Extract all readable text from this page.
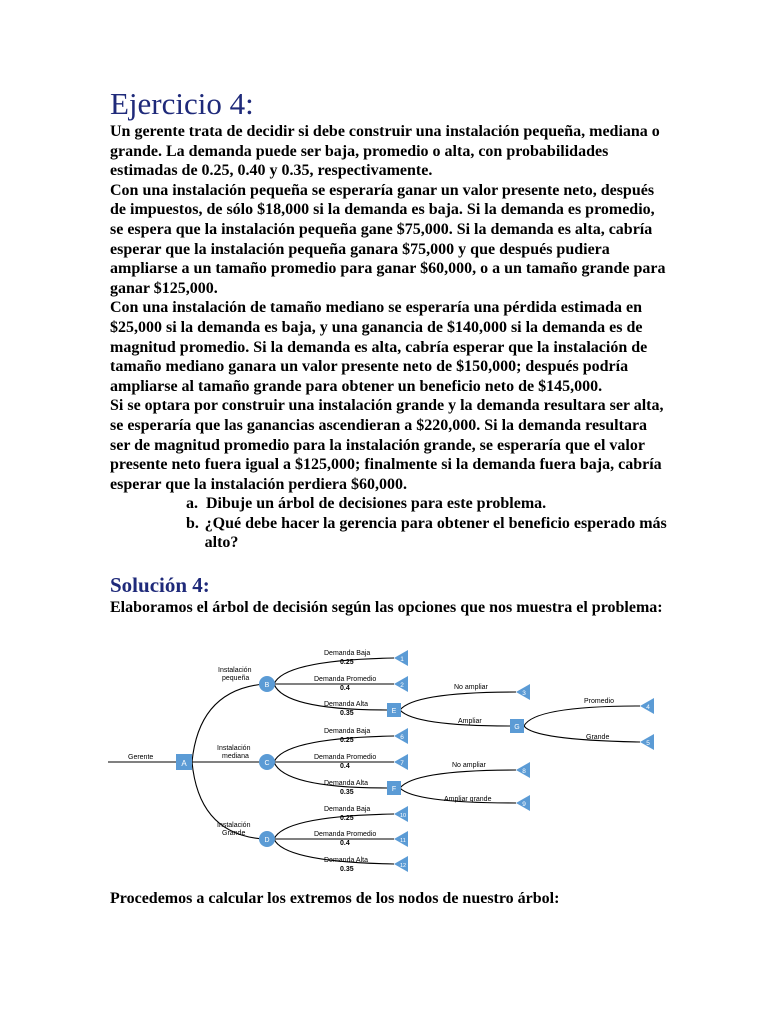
Ejercicio 4:

Un gerente trata de decidir si debe construir una instalación pequeña, mediana o grande. La demanda puede ser baja, promedio o alta, con probabilidades estimadas de 0.25, 0.40 y 0.35, respectivamente.

Con una instalación pequeña se esperaría ganar un valor presente neto, después de impuestos, de sólo $18,000 si la demanda es baja. Si la demanda es promedio, se espera que la instalación pequeña gane $75,000. Si la demanda es alta, cabría esperar que la instalación pequeña ganara $75,000 y que después pudiera ampliarse a un tamaño promedio para ganar $60,000, o a un tamaño grande para ganar $125,000.

Con una instalación de tamaño mediano se esperaría una pérdida estimada en $25,000 si la demanda es baja, y una ganancia de $140,000 si la demanda es de magnitud promedio. Si la demanda es alta, cabría esperar que la instalación de tamaño mediano ganara un valor presente neto de $150,000; después podría ampliarse al tamaño grande para obtener un beneficio neto de $145,000.

Si se optara por construir una instalación grande y la demanda resultara ser alta, se esperaría que las ganancias ascendieran a $220,000. Si la demanda resultara ser de magnitud promedio para la instalación grande, se esperaría que el valor presente neto fuera igual a $125,000; finalmente si la demanda fuera baja, cabría esperar que la instalación perdiera $60,000.

a. Dibuje un árbol de decisiones para este problema.
b. ¿Qué debe hacer la gerencia para obtener el beneficio esperado más alto?
Solución 4:
Elaboramos el árbol de decisión según las opciones que nos muestra el problema:
A
B
C
D
E
F
G
1
2
3
4
5
6
7
8
9
10
11
12
Gerente
Instalación
pequeña
Instalación
mediana
Instalación
Grande
Demanda Baja
0.25
Demanda Promedio
0.4
Demanda Alta
0.35
No ampliar
Ampliar
Promedio
Grande
Demanda Baja
0.25
Demanda Promedio
0.4
Demanda Alta
0.35
No ampliar
Ampliar grande
Demanda Baja
0.25
Demanda Promedio
0.4
Demanda Alta
0.35
Procedemos a calcular los extremos de los nodos de nuestro árbol:
